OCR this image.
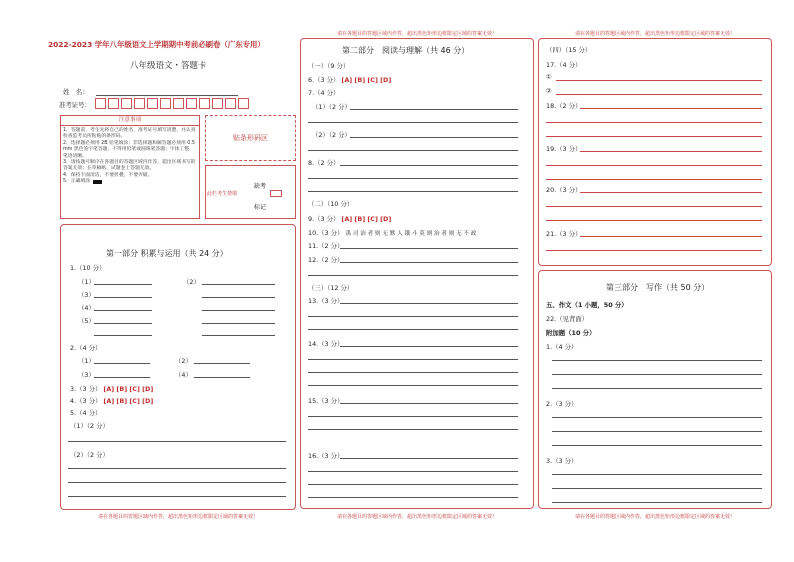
2022-2023 学年八年级语文上学期期中考前必刷卷（广东专用）
八年级语文・答题卡
姓　名：
准考证号：
注意事项
1．答题前，考生先将自己的姓名、准考证号填写清楚，并认真检查监考员所粘贴的条形码。
2．选择题必须用 2B 铅笔填涂；非选择题和解答题必须用 0.5 mm 黑色签字笔答题，不得用铅笔或圆珠笔答题；字体工整、笔迹清晰。
3．请按题号顺序在各题目的答题区域内作答，超出区域书写的答案无效；在草稿纸、试题卷上答题无效。
4．保持卡面清洁，不要折叠，不要弄破。
5．正确填涂
贴条形码区
此栏考生禁填
缺考
标记
第一部分 积累与运用（共 24 分）
1.（10 分）
（1）	（2）
（3）
（4）
（5）
2.（4 分）
（1）	（2）
（3）	（4）
3.（3 分） [A] [B] [C] [D]
4.（3 分） [A] [B] [C] [D]
5.（4 分）
（1）（2 分）
（2）（2 分）
请在各题目的答题区域内作答，超出黑色矩形边框限定区域的答案无效！
请在各题目的答题区域内作答，超出黑色矩形边框限定区域的答案无效！
第二部分　阅读与理解（共 46 分）
（一）（9 分）
6.（3 分） [A] [B] [C] [D]
7.（4 分）
（1）（2 分）
（2）（2 分）
8.（2 分）
（二）（10 分）
9.（3 分） [A] [B] [C] [D]
10.（3 分） 禹 司 治 者 则 无 默 人 饿 斗 莫 则 治 者 则 无 不 政
11.（2 分）
12.（2 分）
（三）（12 分）
13.（3 分）
14.（3 分）
15.（3 分）
16.（3 分）
请在各题目的答题区域内作答，超出黑色矩形边框限定区域的答案无效！
请在各题目的答题区域内作答，超出黑色矩形边框限定区域的答案无效！
（四）（15 分）
17.（4 分）
①
②
18.（2 分）
19.（3 分）
20.（3 分）
21.（3 分）
第三部分　写作（共 50 分）
五、作文（1 小题，50 分）
22.（见背面）
附加题（10 分）
1.（4 分）
2.（3 分）
3.（3 分）
请在各题目的答题区域内作答，超出黑色矩形边框限定区域的答案无效！
